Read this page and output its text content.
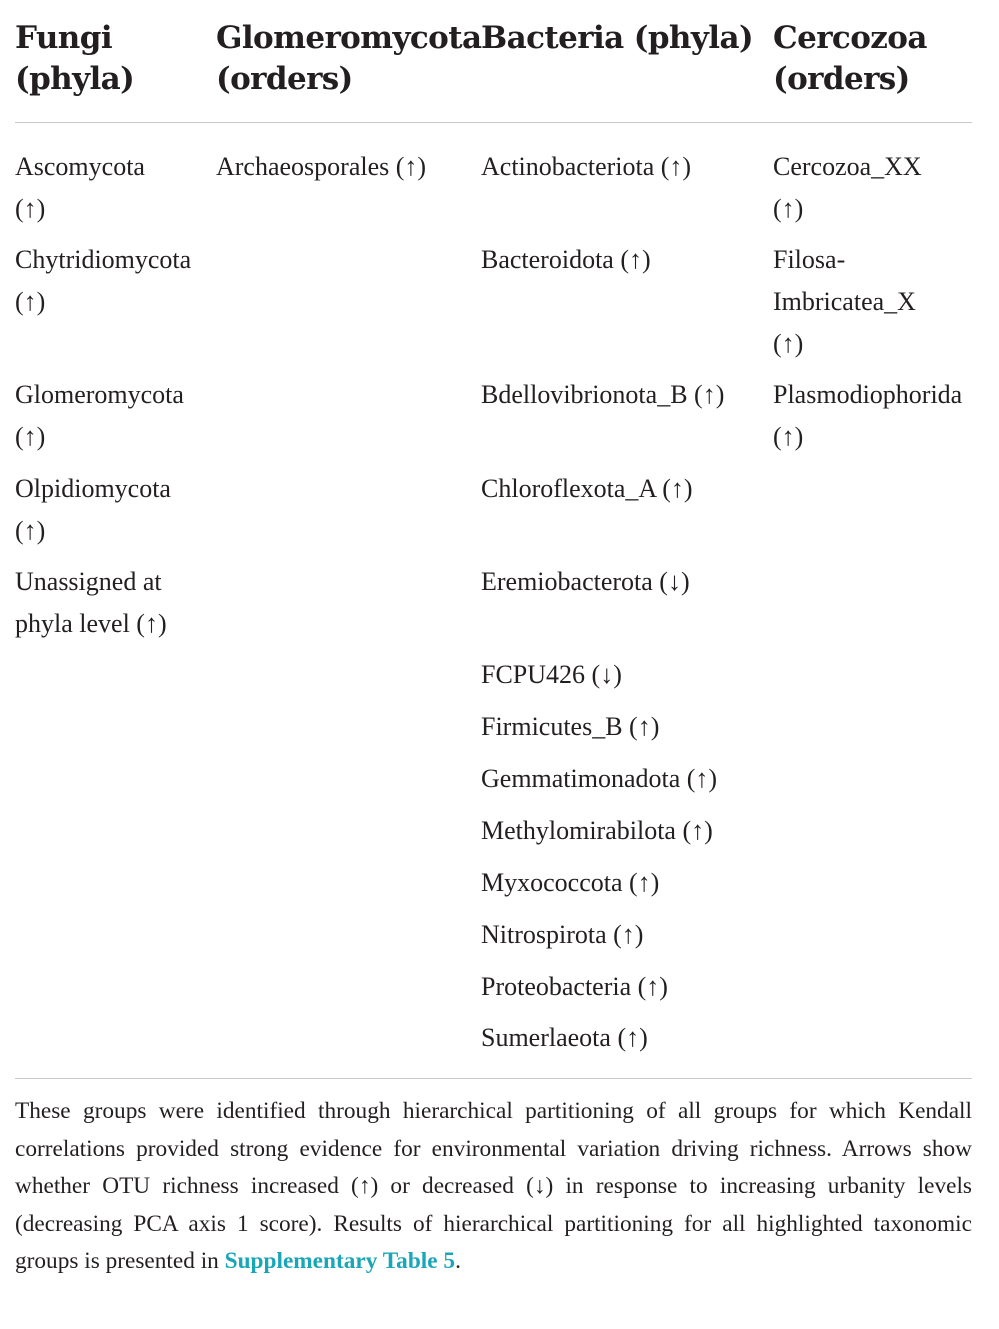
Fungi
(phyla)
Glomeromycota
(orders)
Bacteria (phyla) Cercozoa
(orders)
Ascomycota
(↑)
Chytridiomycota
(↑)
Glomeromycota
(↑)
Olpidiomycota
(↑)
Unassigned at
phyla level (↑)
Archaeosporales (↑) Actinobacteriota (↑)
Bacteroidota (↑)
Bdellovibrionota_B (↑)
Chloroflexota_A (↑)
Eremiobacterota (↓)
FCPU426 (↓)
Firmicutes_B (↑)
Gemmatimonadota (↑)
Methylomirabilota (↑)
Myxococcota (↑)
Nitrospirota (↑)
Proteobacteria (↑)
Sumerlaeota (↑)
Cercozoa_XX
(↑)
Filosa-
Imbricatea_X
(↑)
Plasmodiophorida
(↑)

These groups were identified through hierarchical partitioning of all groups for which Kendall correlations provided strong evidence for environmental variation driving richness. Arrows show whether OTU richness increased (↑) or decreased (↓) in response to increasing urbanity levels (decreasing PCA axis 1 score). Results of hierarchical partitioning for all highlighted taxonomic groups is presented in Supplementary Table 5.
